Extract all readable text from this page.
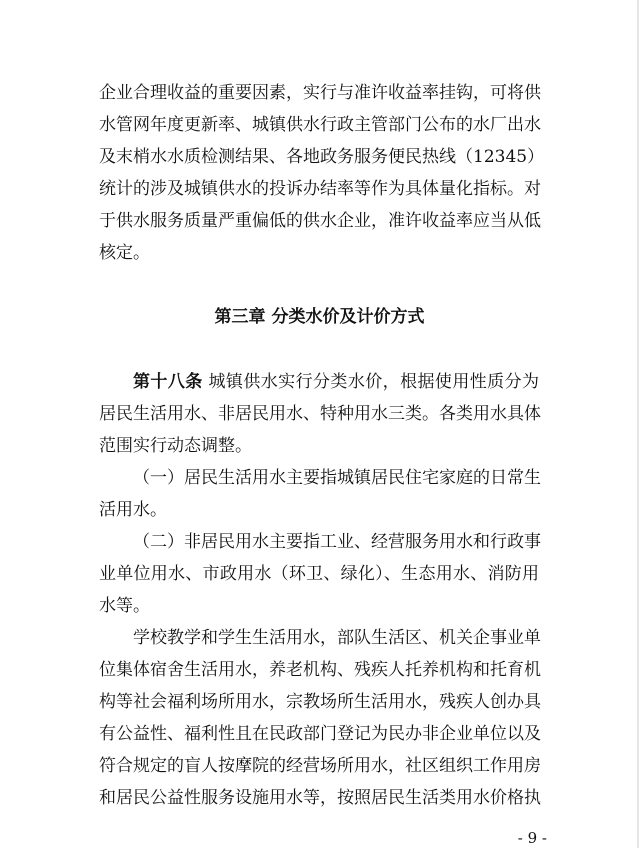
企业合理收益的重要因素，实行与准许收益率挂钩，可将供

水管网年度更新率、城镇供水行政主管部门公布的水厂出水

及末梢水水质检测结果、各地政务服务便民热线（12345）

统计的涉及城镇供水的投诉办结率等作为具体量化指标。对

于供水服务质量严重偏低的供水企业，准许收益率应当从低

核定。

第三章 分类水价及计价方式

第十八条 城镇供水实行分类水价，根据使用性质分为

居民生活用水、非居民用水、特种用水三类。各类用水具体

范围实行动态调整。

（一）居民生活用水主要指城镇居民住宅家庭的日常生

活用水。

（二）非居民用水主要指工业、经营服务用水和行政事

业单位用水、市政用水（环卫、绿化）、生态用水、消防用

水等。

学校教学和学生生活用水，部队生活区、机关企事业单

位集体宿舍生活用水，养老机构、残疾人托养机构和托育机

构等社会福利场所用水，宗教场所生活用水，残疾人创办具

有公益性、福利性且在民政部门登记为民办非企业单位以及

符合规定的盲人按摩院的经营场所用水，社区组织工作用房

和居民公益性服务设施用水等，按照居民生活类用水价格执

- 9 -
